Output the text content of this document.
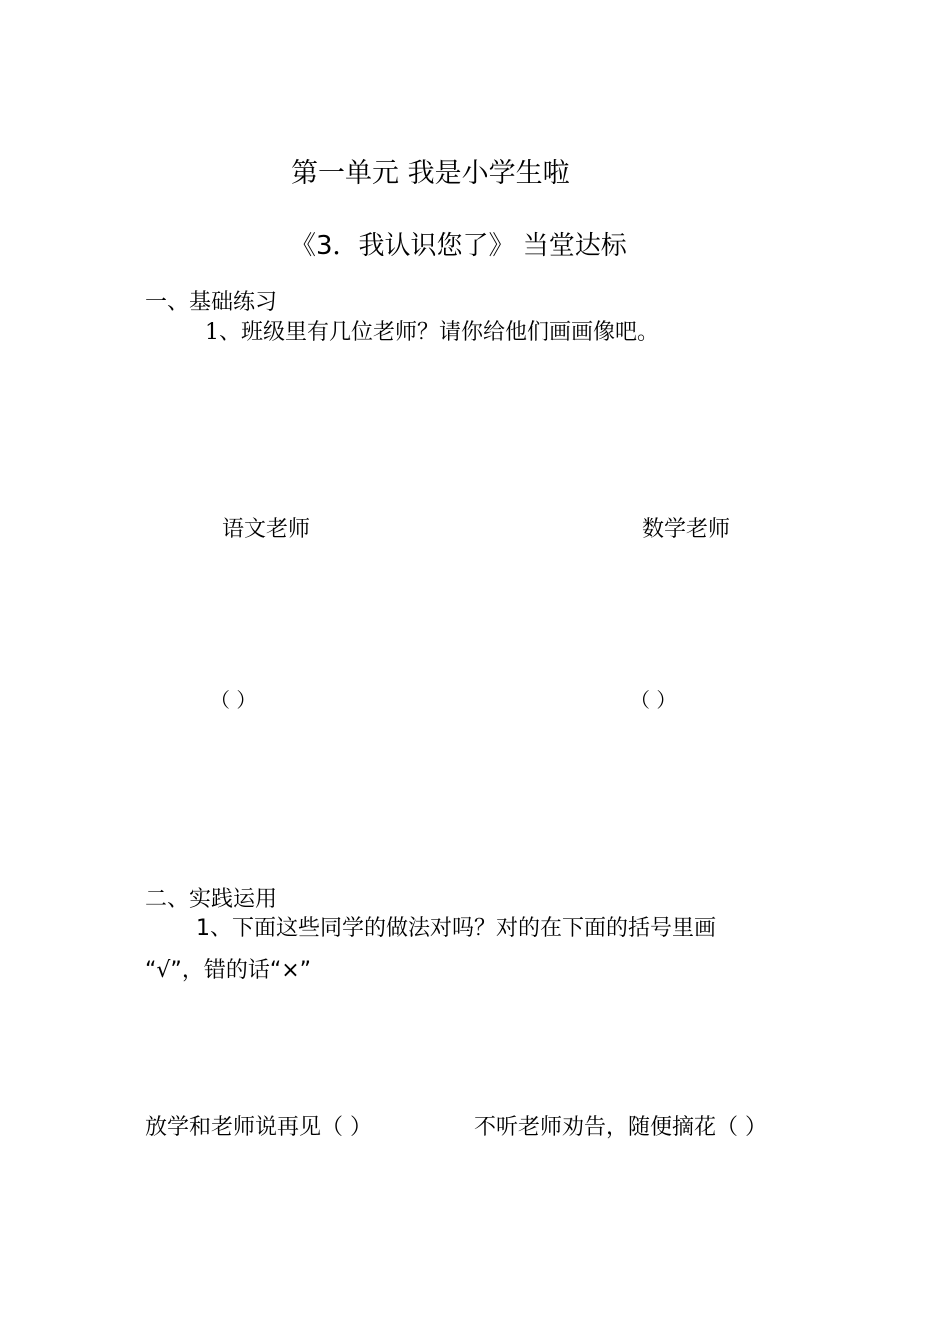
第一单元 我是小学生啦
《3．我认识您了》 当堂达标
一、基础练习
1、班级里有几位老师？请你给他们画画像吧。
语文老师	数学老师
（ ）	（ ）
二、实践运用
1、下面这些同学的做法对吗？对的在下面的括号里画
“√”，错的话“×”
放学和老师说再见（ ）	不听老师劝告，随便摘花（ ）
